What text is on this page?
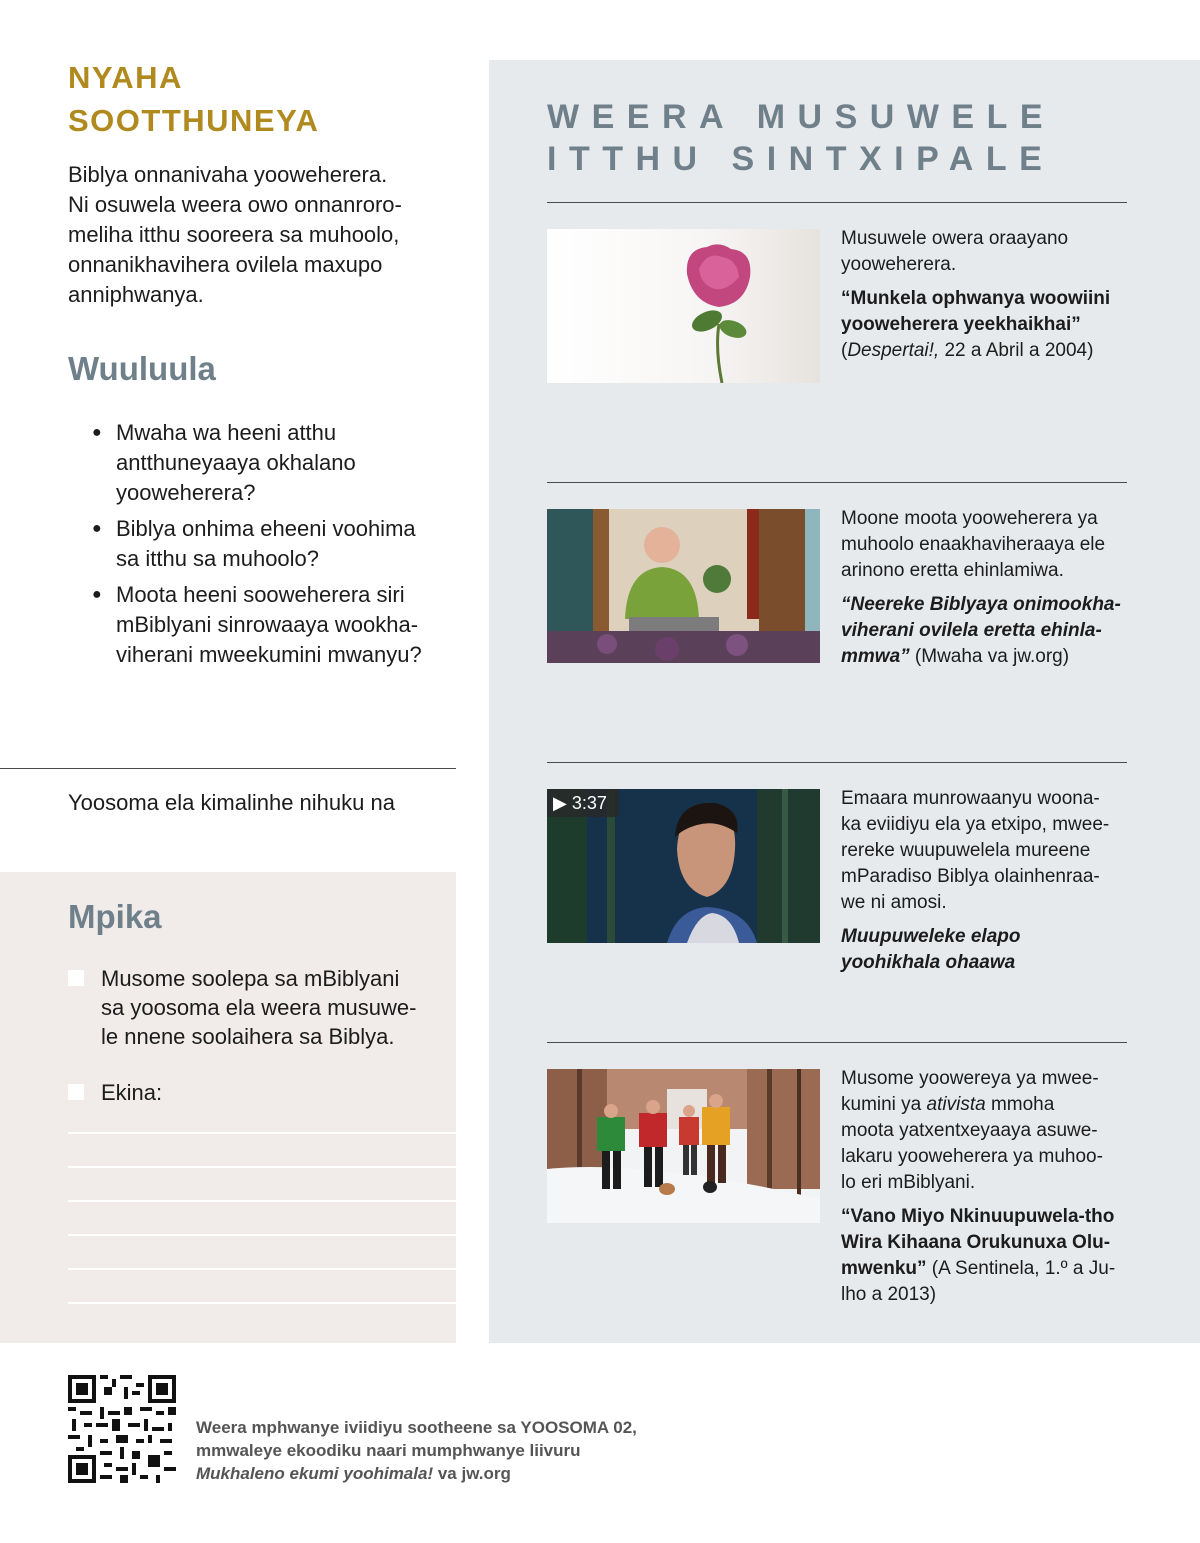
NYAHA
SOOTTHUNEYA
Biblya onnanivaha yooweherera.
Ni osuwela weera owo onnanroro-
meliha itthu sooreera sa muhoolo,
onnanikhavihera ovilela maxupo
anniphwanya.
Wuuluula
● Mwaha wa heeni atthu
antthuneyaaya okhalano
yooweherera?
● Biblya onhima eheeni voohima
sa itthu sa muhoolo?
● Moota heeni sooweherera siri
mBiblyani sinrowaaya wookha-
viherani mweekumini mwanyu?
Yoosoma ela kimalinhe nihuku na
Mpika
Musome soolepa sa mBiblyani
sa yoosoma ela weera musuwe-
le nnene soolaihera sa Biblya.
Ekina:
WEERA MUSUWELE
ITTHU SINTXIPALE

Musuwele owera oraayano

yooweherera.

“Munkela ophwanya woowiini
yooweherera yeekhaikhai”

(Despertai!, 22 a Abril a 2004)

Moone moota yooweherera ya

muhoolo enaakhaviheraaya ele

arinono eretta ehinlamiwa.

“Neereke Biblyaya onimookha-
viherani ovilela eretta ehinla-
mmwa” (Mwaha va jw.org)

▶ 3:37	Emaara munrowaanyu woona-

ka eviidiyu ela ya etxipo, mwee-

rereke wuupuwelela mureene

mParadiso Biblya olainhenraa-

we ni amosi.

Muupuweleke elapo
yoohikhala ohaawa

Musome yoowereya ya mwee-

kumini ya ativista mmoha

moota yatxentxeyaaya asuwe-

lakaru yooweherera ya muhoo-

lo eri mBiblyani.

“Vano Miyo Nkinuupuwela-tho
Wira Kihaana Orukunuxa Olu-
mwenku” (A Sentinela, 1.º a Ju-
lho a 2013)

Weera mphwanye iviidiyu sootheene sa YOOSOMA 02,

mmwaleye ekoodiku naari mumphwanye liivuru

Mukhaleno ekumi yoohimala! va jw.org
